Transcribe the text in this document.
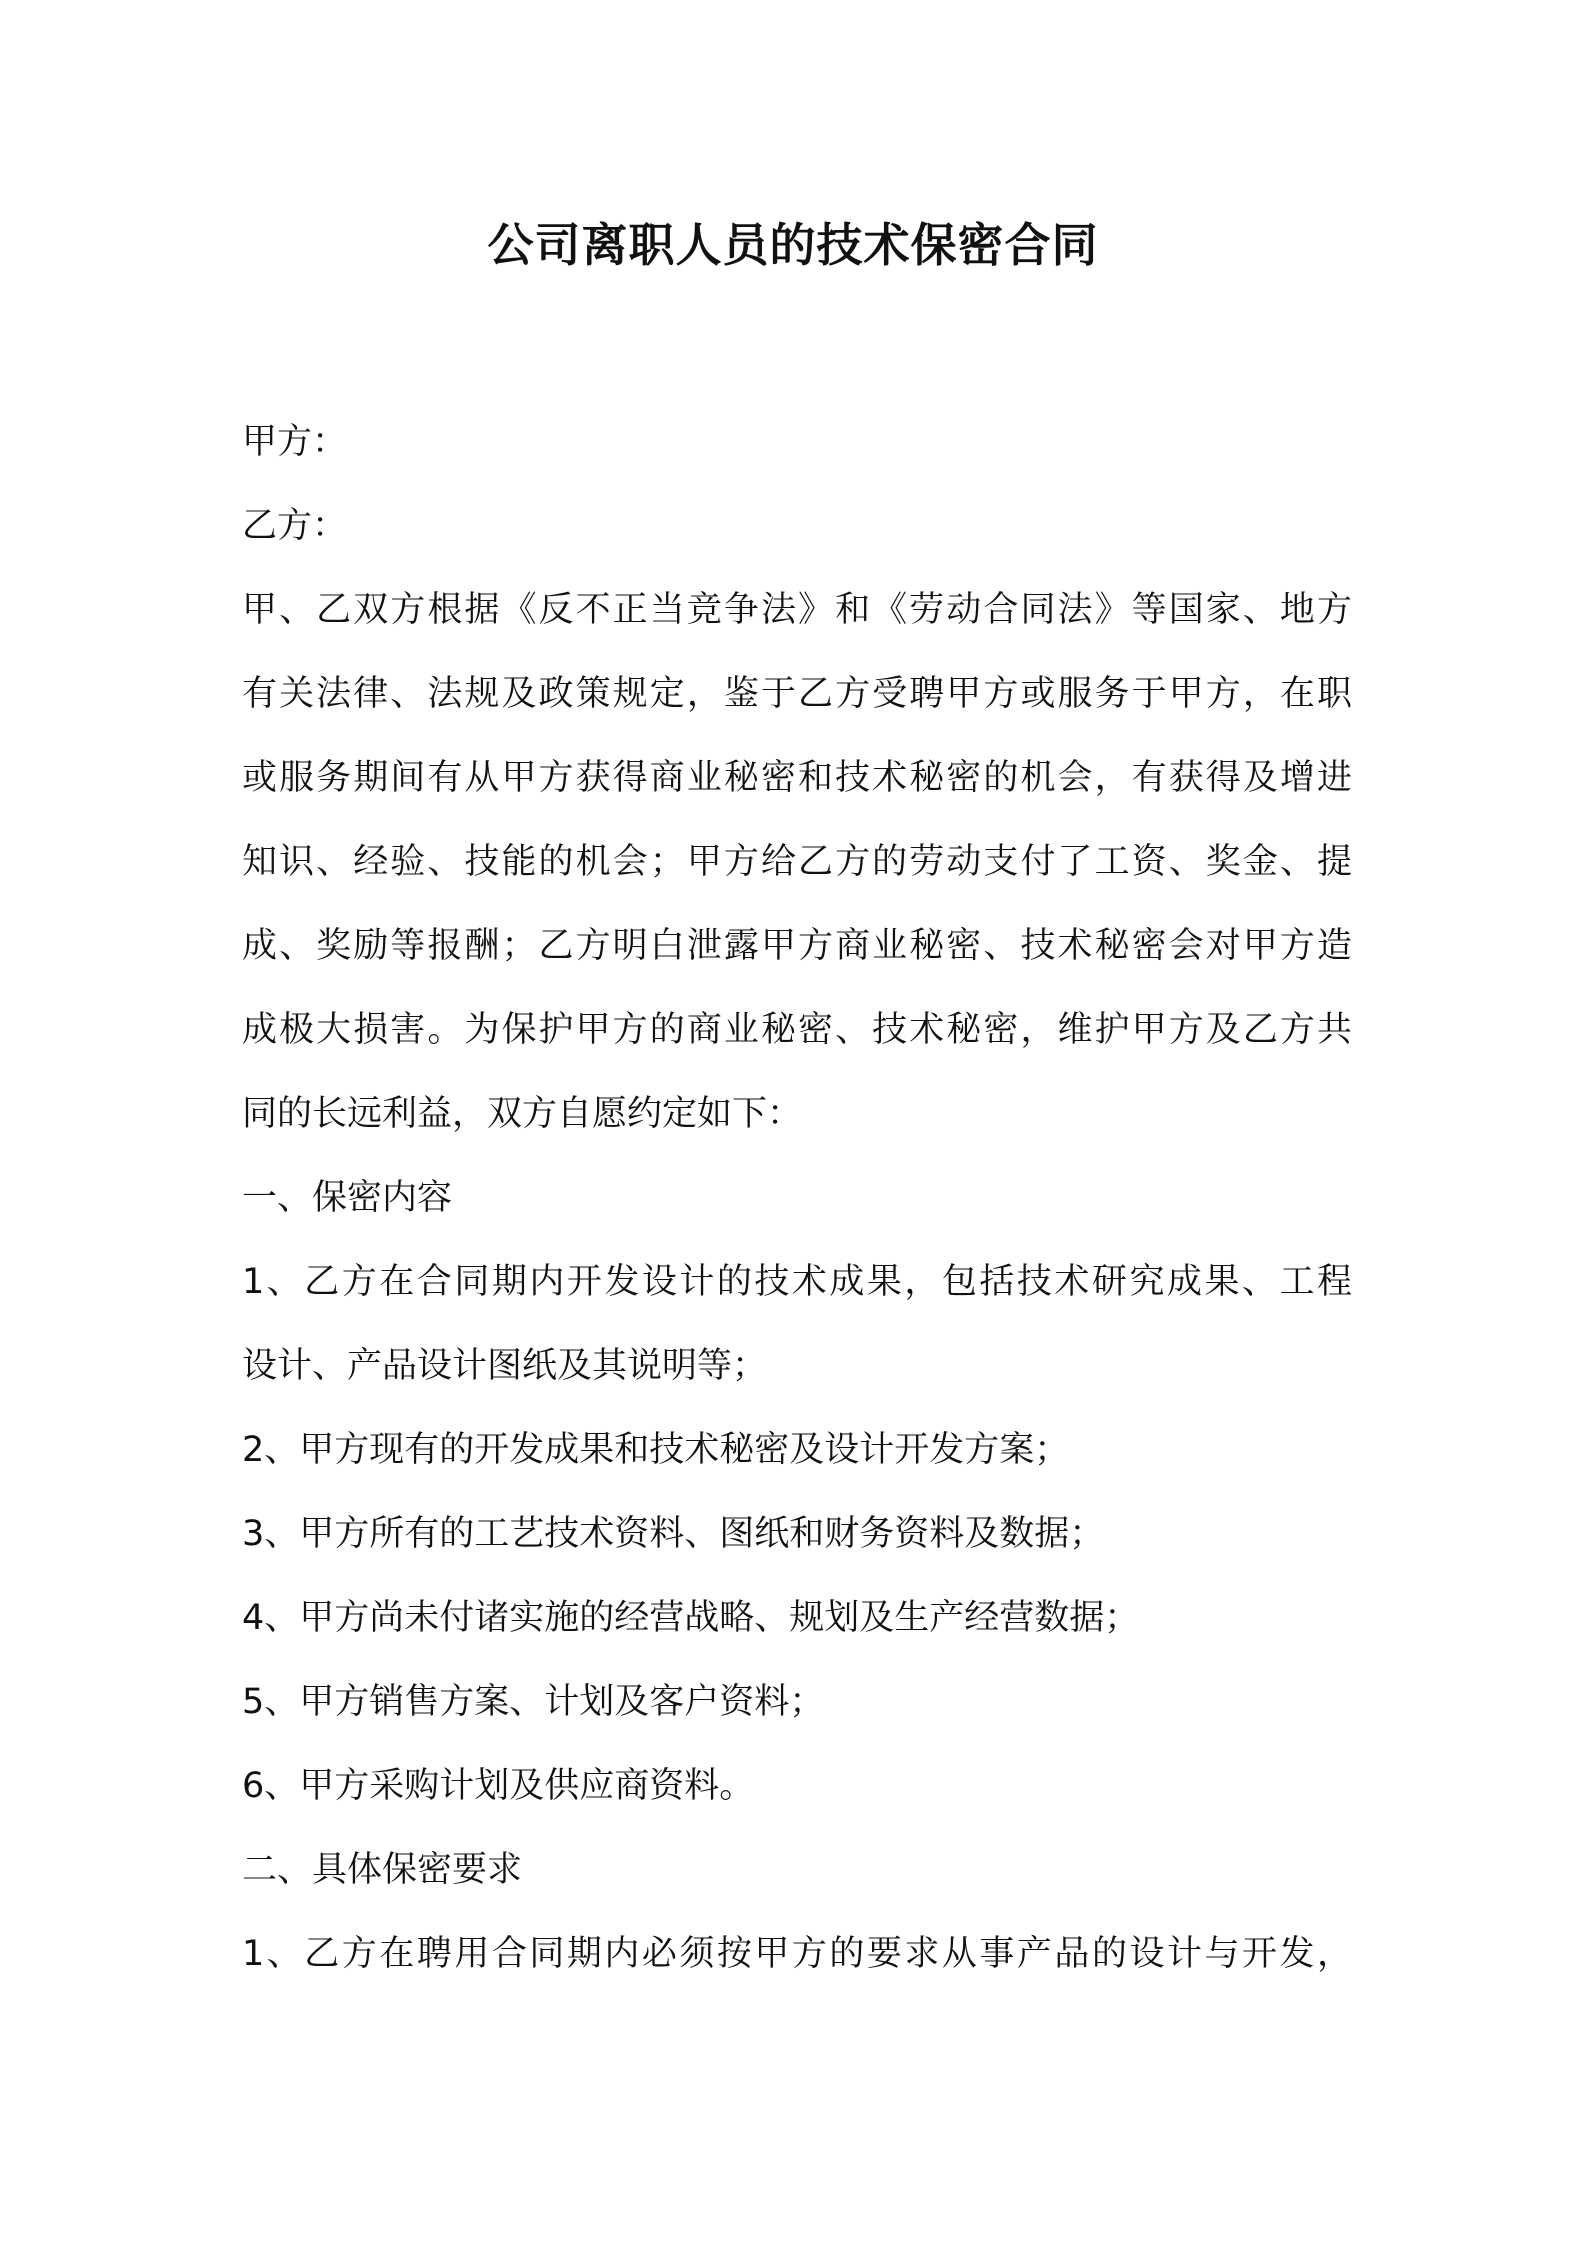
公司离职人员的技术保密合同
甲方：
乙方：
甲、乙双方根据《反不正当竞争法》和《劳动合同法》等国家、地方
有关法律、法规及政策规定，鉴于乙方受聘甲方或服务于甲方，在职
或服务期间有从甲方获得商业秘密和技术秘密的机会，有获得及增进
知识、经验、技能的机会；甲方给乙方的劳动支付了工资、奖金、提
成、奖励等报酬；乙方明白泄露甲方商业秘密、技术秘密会对甲方造
成极大损害。为保护甲方的商业秘密、技术秘密，维护甲方及乙方共
同的长远利益，双方自愿约定如下：
一、保密内容
1、乙方在合同期内开发设计的技术成果，包括技术研究成果、工程
设计、产品设计图纸及其说明等；
2、甲方现有的开发成果和技术秘密及设计开发方案；
3、甲方所有的工艺技术资料、图纸和财务资料及数据；
4、甲方尚未付诸实施的经营战略、规划及生产经营数据；
5、甲方销售方案、计划及客户资料；
6、甲方采购计划及供应商资料。
二、具体保密要求
1、乙方在聘用合同期内必须按甲方的要求从事产品的设计与开发，
